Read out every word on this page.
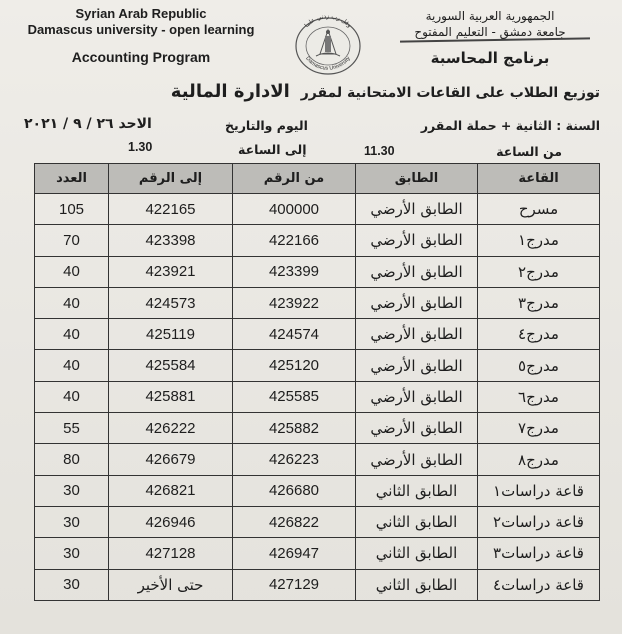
Syrian Arab Republic
Damascus university - open learning
Accounting Program
وقل رب زدني علما
Damascus University
الجمهورية العربية السورية
جامعة دمشق - التعليم المفتوح
برنامج المحاسبة
توزيع الطلاب على القاعات الامتحانية لمقرر الادارة المالية
السنة : الثانية + حملة المقرر
اليوم والتاريخ
الاحد ٢٦ / ٩ / ٢٠٢١
من الساعة
11.30
إلى الساعة
1.30
القاعة	الطابق	من الرقم	إلى الرقم	العدد
مسرح	الطابق الأرضي	400000	422165	105
مدرج١	الطابق الأرضي	422166	423398	70
مدرج٢	الطابق الأرضي	423399	423921	40
مدرج٣	الطابق الأرضي	423922	424573	40
مدرج٤	الطابق الأرضي	424574	425119	40
مدرج٥	الطابق الأرضي	425120	425584	40
مدرج٦	الطابق الأرضي	425585	425881	40
مدرج٧	الطابق الأرضي	425882	426222	55
مدرج٨	الطابق الأرضي	426223	426679	80
قاعة دراسات١	الطابق الثاني	426680	426821	30
قاعة دراسات٢	الطابق الثاني	426822	426946	30
قاعة دراسات٣	الطابق الثاني	426947	427128	30
قاعة دراسات٤	الطابق الثاني	427129	حتى الأخير	30
